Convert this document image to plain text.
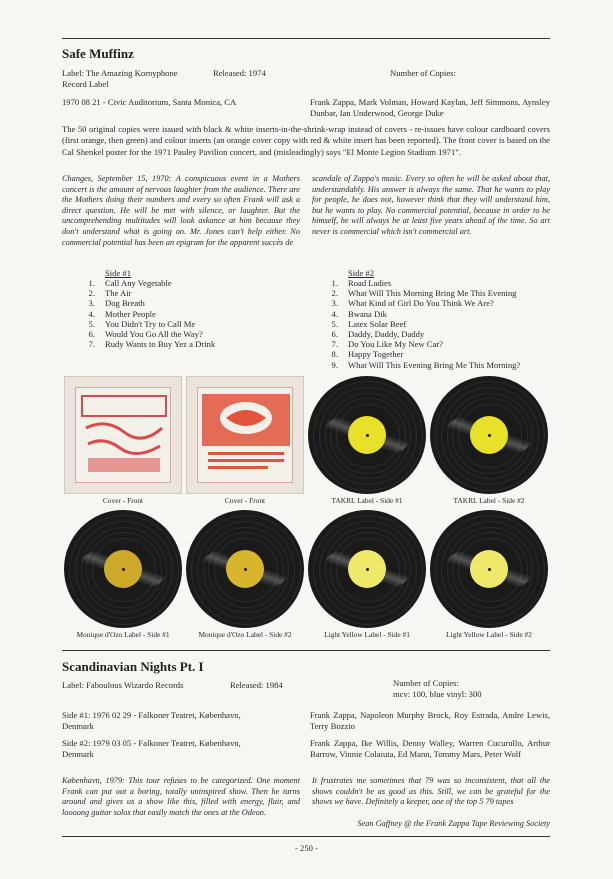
Safe Muffinz
Label: The Amazing Kornyphone Record Label
Released: 1974	Number of Copies:
1970 08 21 - Civic Auditorium, Santa Monica, CA	Frank Zappa, Mark Volman, Howard Kaylan, Jeff Simmons, Aynsley Dunbar, Ian Underwood, George Duke
The 50 original copies were issued with black & white inserts-in-the-shrink-wrap instead of covers - re-issues have colour cardboard covers (first orange, then green) and colour inserts (an orange cover copy with red & white insert has been reported). The front cover is based on the Cal Shenkel poster for the 1971 Pauley Pavilion concert, and (misleadingly) says "El Monte Legion Stadium 1971".
Changes, September 15, 1970: A conspicuous event in a Mothers concert is the amount of nervous laughter from the audience. There are the Mothers doing their numbers and every so often Frank will ask a direct question. He will be met with silence, or laughter. But the uncomprehending multitudes will look askance at him because they don't understand what is going on. Mr. Jones can't help either. No commercial potential has been an epigram for the apparent succès de
scandale of Zappa's music. Every so often he will be asked about that, understandably. His answer is always the same. That he wants to play for people, he does not, however think that they will understand him, but he wants to play. No commercial potential, because in order to be himself, he will always be at least five years ahead of the time. So art never is commercial which isn't commercial art.
Side #1
1. Call Any Vegetable
2. The Air
3. Dog Breath
4. Mother People
5. You Didn't Try to Call Me
6. Would You Go All the Way?
7. Rudy Wants to Buy Yez a Drink
Side #2
1. Road Ladies
2. What Will This Morning Bring Me This Evening
3. What Kind of Girl Do You Think We Are?
4. Bwana Dik
5. Latex Solar Beef
6. Daddy, Daddy, Daddy
7. Do You Like My New Car?
8. Happy Together
9. What Will This Evening Bring Me This Morning?
Scandinavian Nights Pt. I
Label: Faboulous Wizardo Records	Released: 1984	Number of Copies:
mcv: 100, blue vinyl: 300
Side #1: 1976 02 29 - Falkoner Teatret, København, Denmark
Frank Zappa, Napoleon Murphy Brock, Roy Estrada, Andre Lewis, Terry Bozzio
Side #2: 1979 03 05 - Falkoner Teatret, København, Denmark
Frank Zappa, Ike Willis, Denny Walley, Warren Cucurullo, Arthur Barrow, Vinnie Colaiuta, Ed Mann, Tommy Mars, Peter Wolf
København, 1979: This tour refuses to be categorized. One moment Frank can put out a boring, totally uninspired show. Then he turns around and gives us a show like this, filled with energy, flair, and loooong guitar solos that easily match the ones at the Odeon.
It frustrates me sometimes that 79 was so inconsistent, that all the shows couldn't be as good as this. Still, we can be grateful for the shows we have. Definitely a keeper, one of the top 5 79 tapes
Sean Gaffney @ the Frank Zappa Tape Reviewing Society
- 250 -
Cover - Front	Cover - Front	TAKRL Label - Side #1	TAKRL Label - Side #2
Monique d'Ozo Label - Side #1	Monique d'Ozo Label - Side #2	Light Yellow Label - Side #1	Light Yellow Label - Side #2
